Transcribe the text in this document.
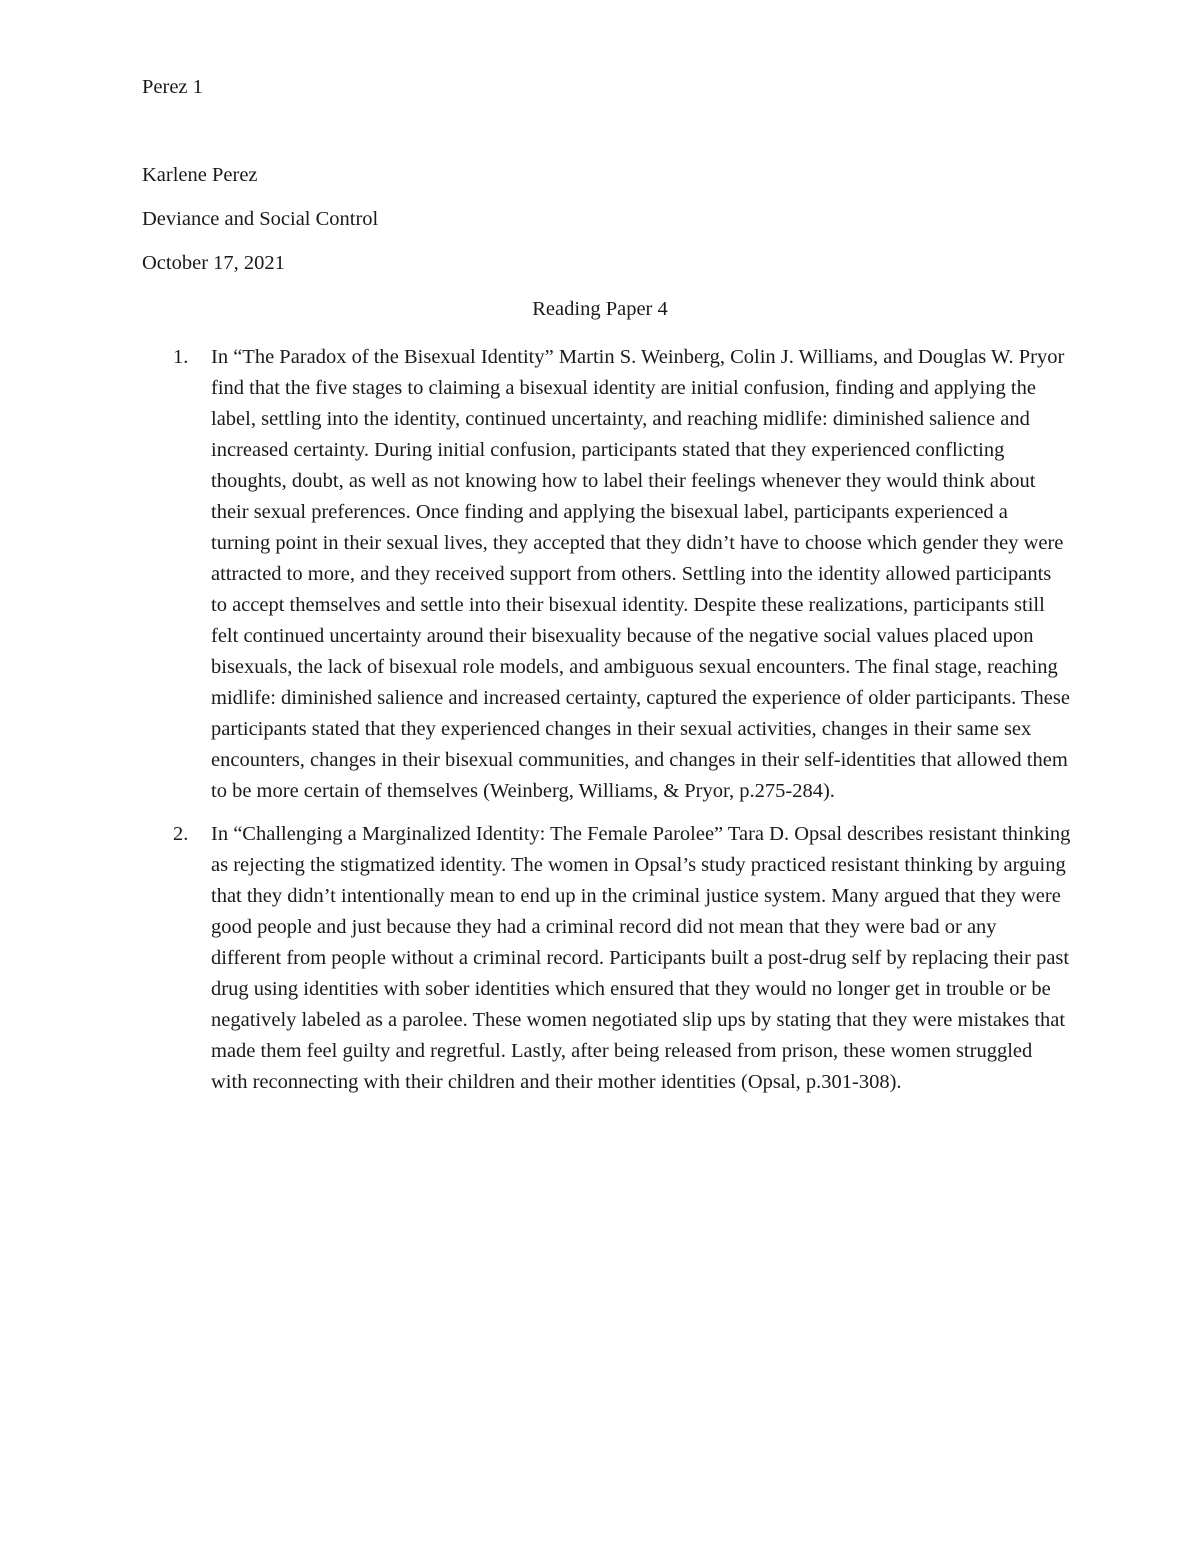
Perez 1
Karlene Perez
Deviance and Social Control
October 17, 2021
Reading Paper 4
1. In “The Paradox of the Bisexual Identity” Martin S. Weinberg, Colin J. Williams, and Douglas W. Pryor find that the five stages to claiming a bisexual identity are initial confusion, finding and applying the label, settling into the identity, continued uncertainty, and reaching midlife: diminished salience and increased certainty. During initial confusion, participants stated that they experienced conflicting thoughts, doubt, as well as not knowing how to label their feelings whenever they would think about their sexual preferences. Once finding and applying the bisexual label, participants experienced a turning point in their sexual lives, they accepted that they didn’t have to choose which gender they were attracted to more, and they received support from others. Settling into the identity allowed participants to accept themselves and settle into their bisexual identity. Despite these realizations, participants still felt continued uncertainty around their bisexuality because of the negative social values placed upon bisexuals, the lack of bisexual role models, and ambiguous sexual encounters. The final stage, reaching midlife: diminished salience and increased certainty, captured the experience of older participants. These participants stated that they experienced changes in their sexual activities, changes in their same sex encounters, changes in their bisexual communities, and changes in their self-identities that allowed them to be more certain of themselves (Weinberg, Williams, & Pryor, p.275-284).
2. In “Challenging a Marginalized Identity: The Female Parolee” Tara D. Opsal describes resistant thinking as rejecting the stigmatized identity. The women in Opsal’s study practiced resistant thinking by arguing that they didn’t intentionally mean to end up in the criminal justice system. Many argued that they were good people and just because they had a criminal record did not mean that they were bad or any different from people without a criminal record. Participants built a post-drug self by replacing their past drug using identities with sober identities which ensured that they would no longer get in trouble or be negatively labeled as a parolee. These women negotiated slip ups by stating that they were mistakes that made them feel guilty and regretful. Lastly, after being released from prison, these women struggled with reconnecting with their children and their mother identities (Opsal, p.301-308).
